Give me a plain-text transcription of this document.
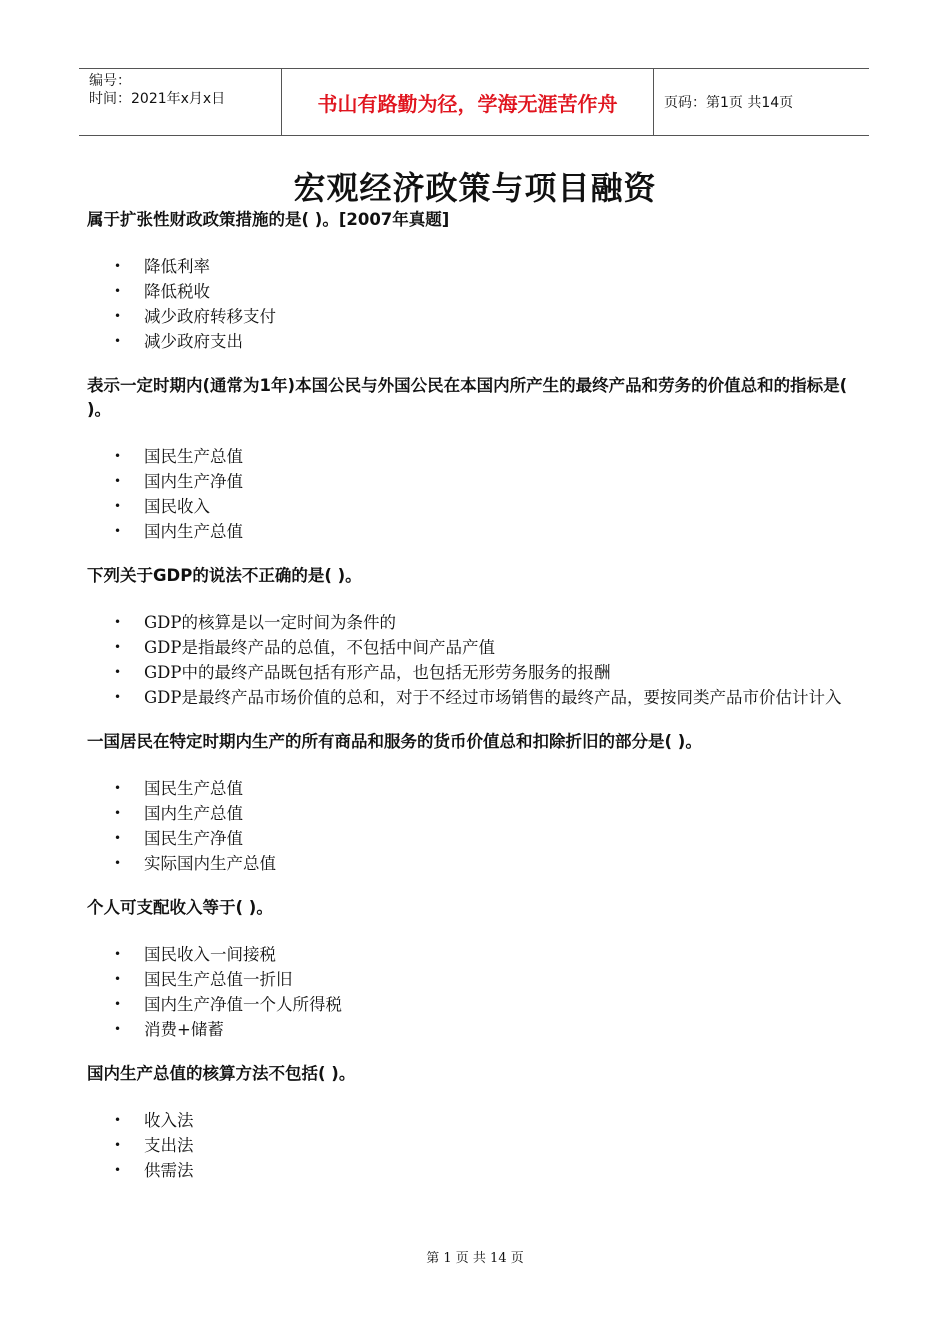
编号：
时间：2021年x月x日	书山有路勤为径，学海无涯苦作舟	页码：第1页 共14页
宏观经济政策与项目融资

属于扩张性财政政策措施的是( )。[2007年真题]

• 降低利率
• 降低税收
• 减少政府转移支付
• 减少政府支出

表示一定时期内(通常为1年)本国公民与外国公民在本国内所产生的最终产品和劳务的价值总和的指标是( )。

• 国民生产总值
• 国内生产净值
• 国民收入
• 国内生产总值

下列关于GDP的说法不正确的是( )。

• GDP的核算是以一定时间为条件的
• GDP是指最终产品的总值，不包括中间产品产值
• GDP中的最终产品既包括有形产品，也包括无形劳务服务的报酬
• GDP是最终产品市场价值的总和，对于不经过市场销售的最终产品，要按同类产品市价估计计入

一国居民在特定时期内生产的所有商品和服务的货币价值总和扣除折旧的部分是( )。

• 国民生产总值
• 国内生产总值
• 国民生产净值
• 实际国内生产总值

个人可支配收入等于( )。

• 国民收入一间接税
• 国民生产总值一折旧
• 国内生产净值一个人所得税
• 消费+储蓄

国内生产总值的核算方法不包括( )。

• 收入法
• 支出法
• 供需法
第 1 页 共 14 页
